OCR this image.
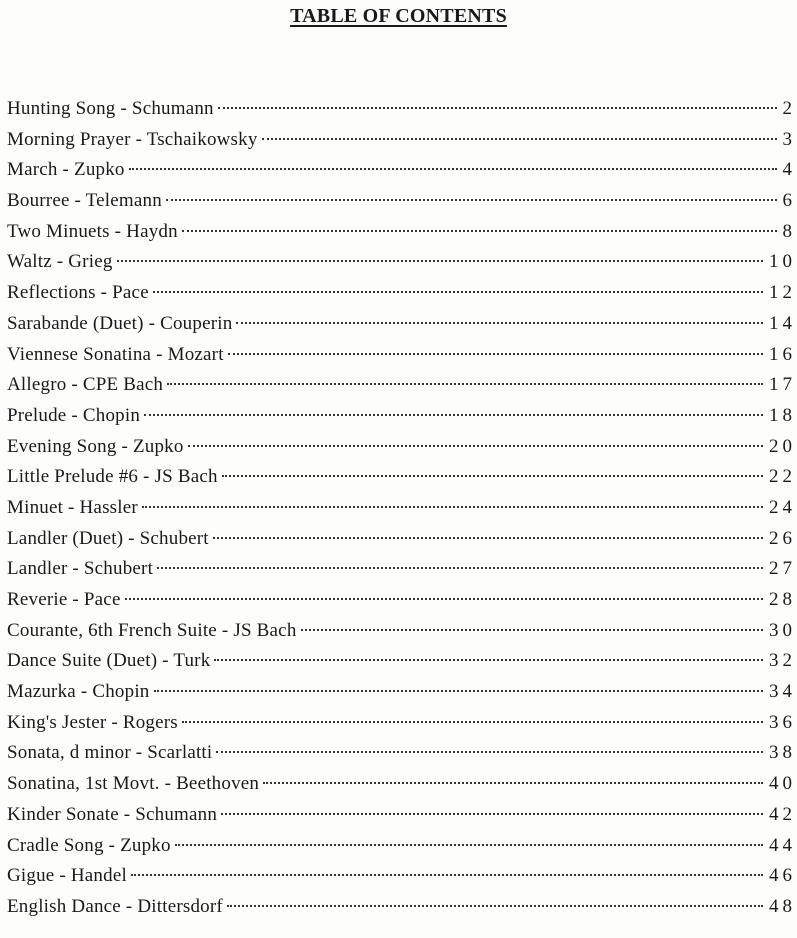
TABLE OF CONTENTS
Hunting Song - Schumann	2
Morning Prayer - Tschaikowsky	3
March - Zupko	4
Bourree - Telemann	6
Two Minuets - Haydn	8
Waltz - Grieg	10
Reflections - Pace	12
Sarabande (Duet) - Couperin	14
Viennese Sonatina - Mozart	16
Allegro - CPE Bach	17
Prelude - Chopin	18
Evening Song - Zupko	20
Little Prelude #6 - JS Bach	22
Minuet - Hassler	24
Landler (Duet) - Schubert	26
Landler - Schubert	27
Reverie - Pace	28
Courante, 6th French Suite - JS Bach	30
Dance Suite (Duet) - Turk	32
Mazurka - Chopin	34
King's Jester - Rogers	36
Sonata, d minor - Scarlatti	38
Sonatina, 1st Movt. - Beethoven	40
Kinder Sonate - Schumann	42
Cradle Song - Zupko	44
Gigue - Handel	46
English Dance - Dittersdorf	48
